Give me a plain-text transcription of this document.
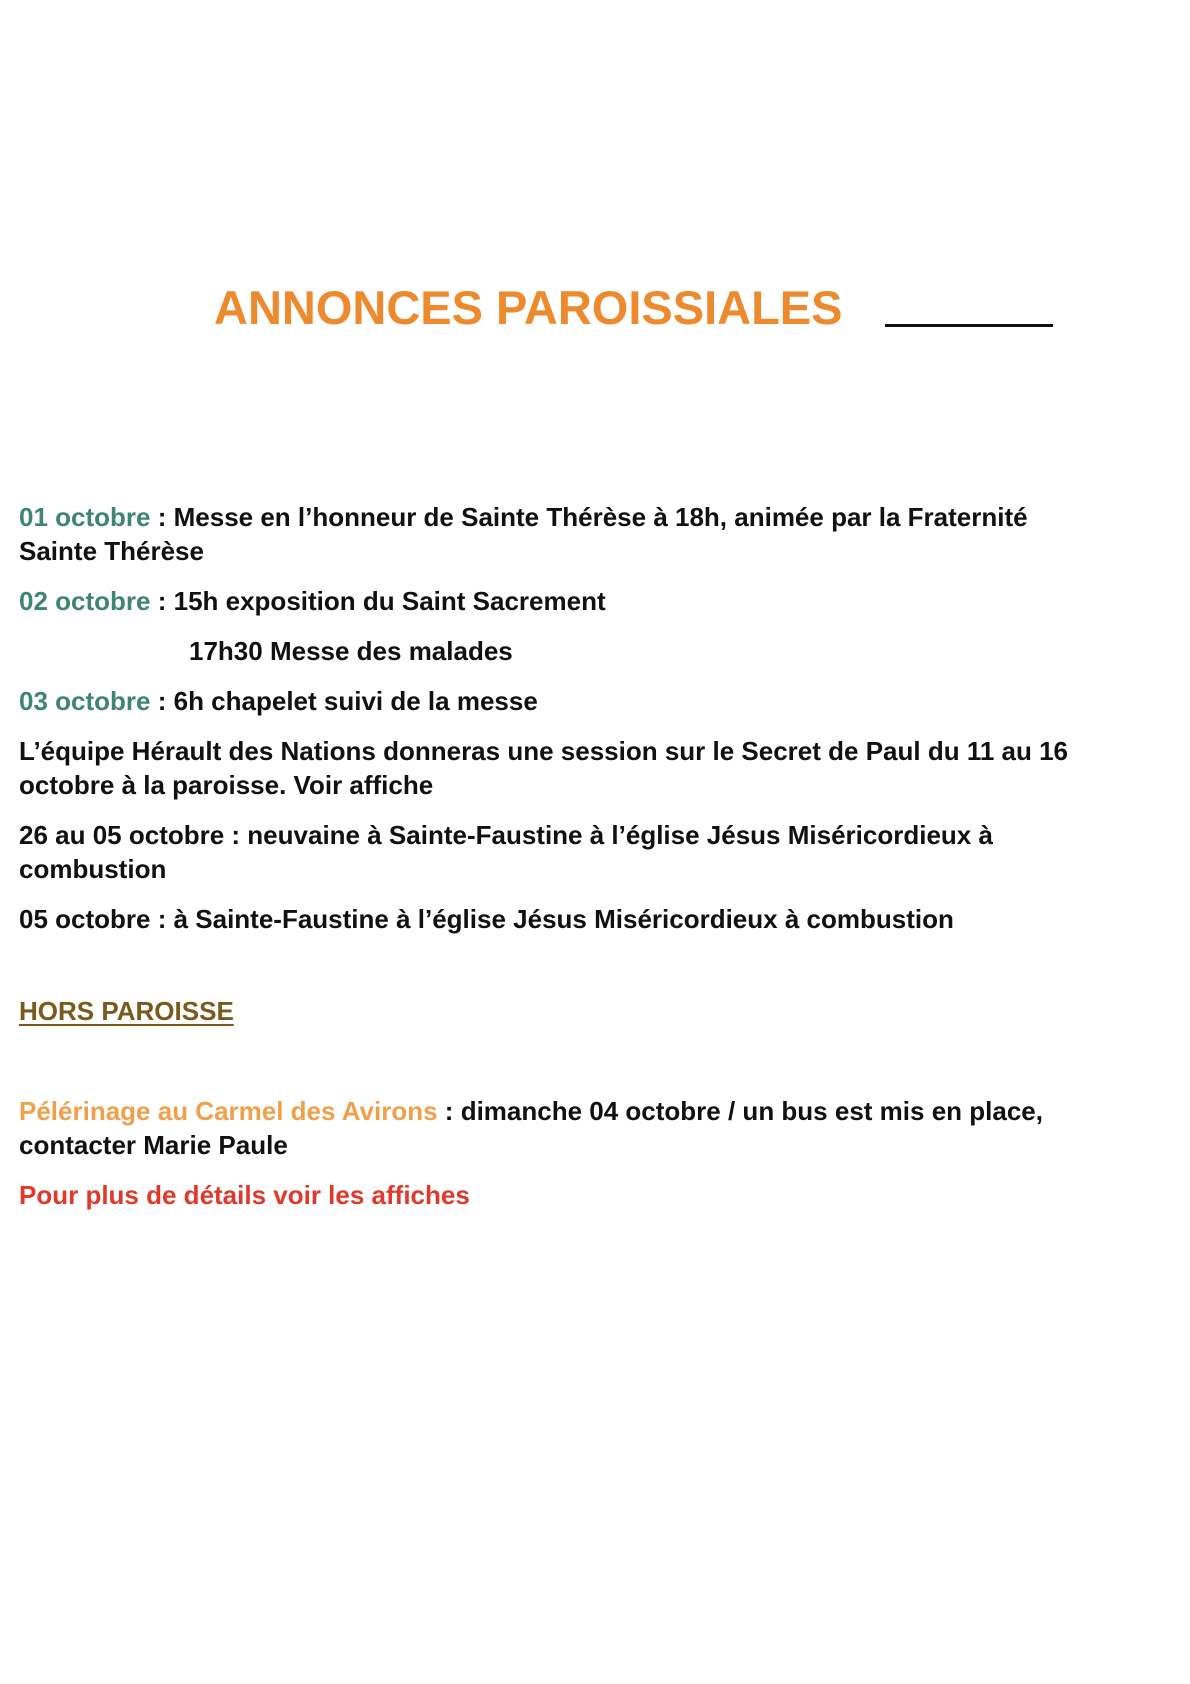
ANNONCES PAROISSIALES

01 octobre : Messe en l’honneur de Sainte Thérèse à 18h, animée par la Fraternité Sainte Thérèse

02 octobre : 15h exposition du Saint Sacrement

17h30 Messe des malades

03 octobre : 6h chapelet suivi de la messe

L’équipe Hérault des Nations donneras une session sur le Secret de Paul du 11 au 16 octobre à la paroisse. Voir affiche

26 au 05 octobre : neuvaine à Sainte-Faustine à l’église Jésus Miséricordieux à combustion

05 octobre : à Sainte-Faustine à l’église Jésus Miséricordieux à combustion

HORS PAROISSE

Pélérinage au Carmel des Avirons : dimanche 04 octobre / un bus est mis en place, contacter Marie Paule

Pour plus de détails voir les affiches
